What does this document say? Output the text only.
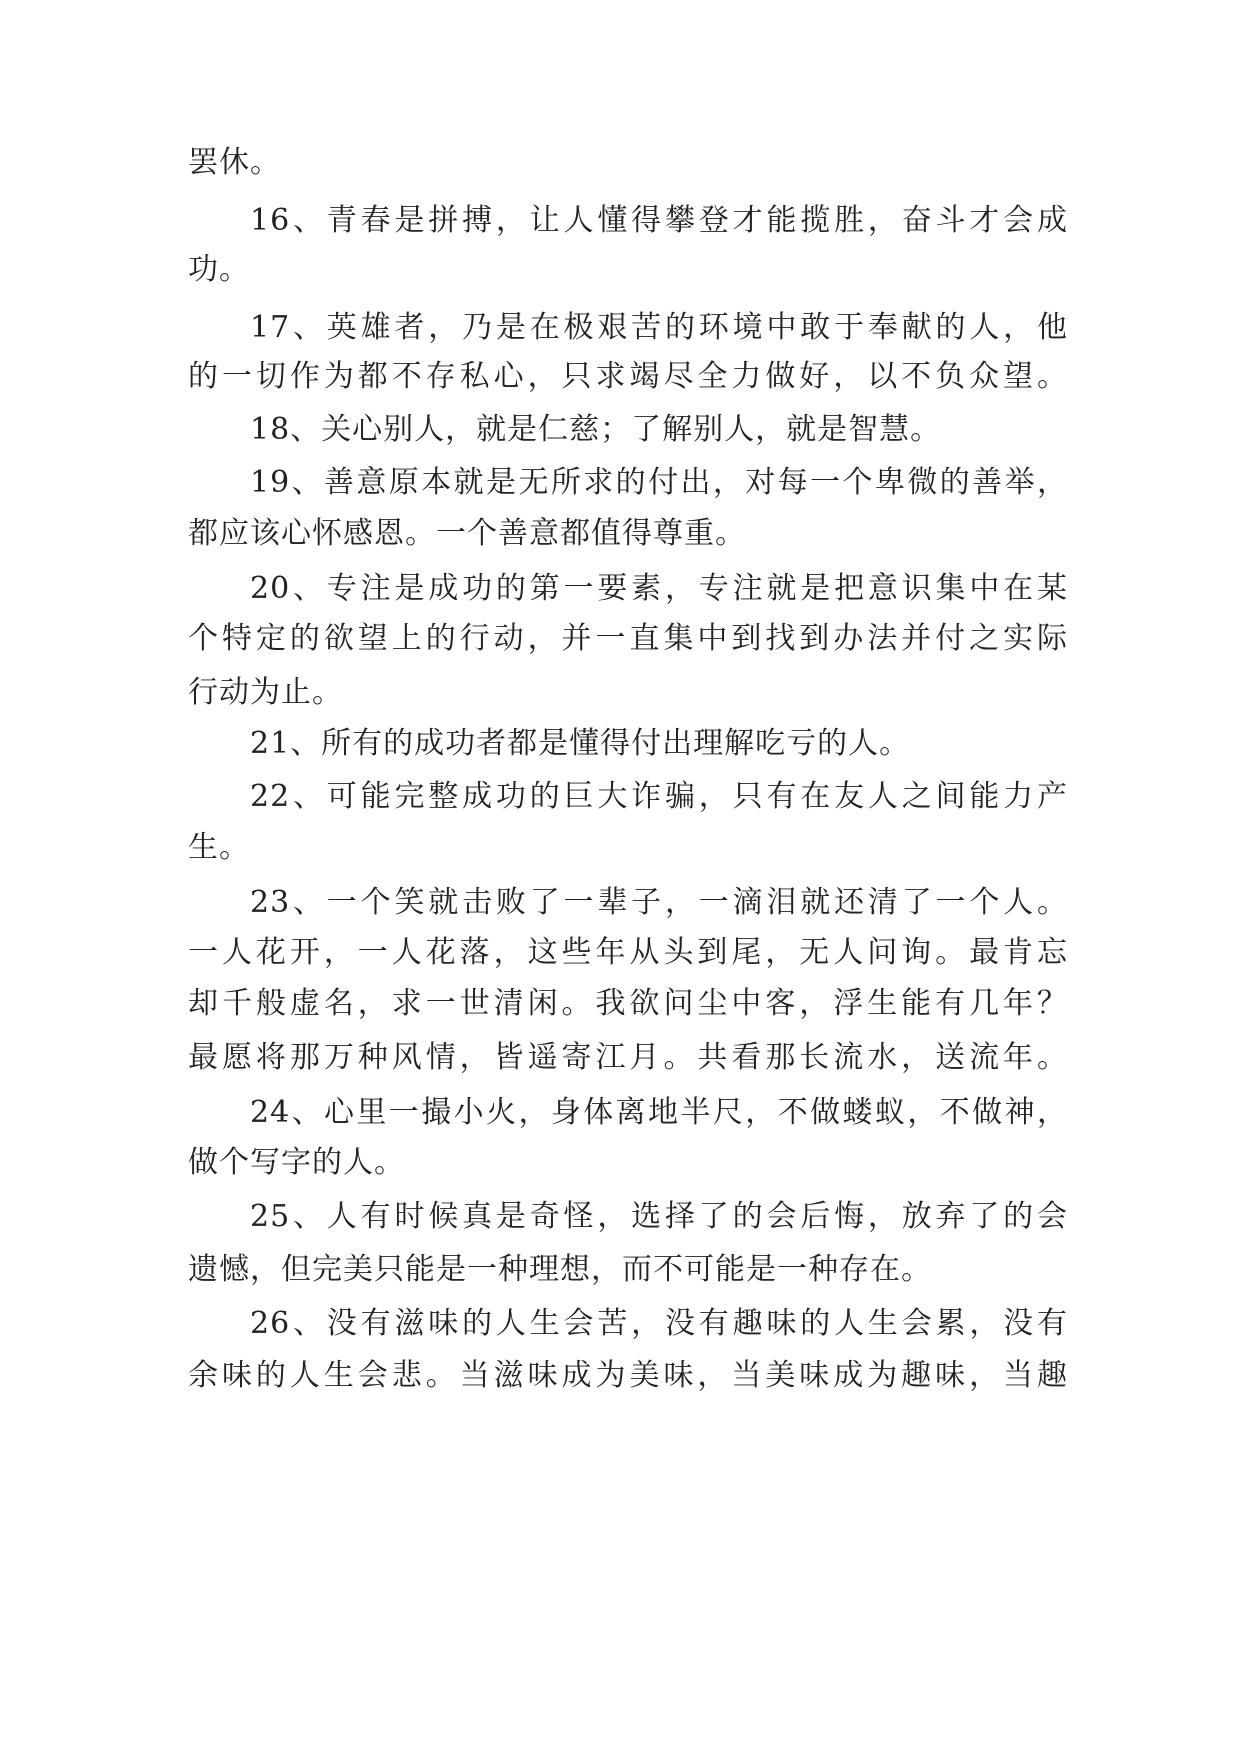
罢休。

16、青春是拼搏，让人懂得攀登才能揽胜，奋斗才会成

功。

17、英雄者，乃是在极艰苦的环境中敢于奉献的人，他

的一切作为都不存私心，只求竭尽全力做好，以不负众望。

18、关心别人，就是仁慈；了解别人，就是智慧。

19、善意原本就是无所求的付出，对每一个卑微的善举，

都应该心怀感恩。一个善意都值得尊重。

20、专注是成功的第一要素，专注就是把意识集中在某

个特定的欲望上的行动，并一直集中到找到办法并付之实际

行动为止。

21、所有的成功者都是懂得付出理解吃亏的人。

22、可能完整成功的巨大诈骗，只有在友人之间能力产

生。

23、一个笑就击败了一辈子，一滴泪就还清了一个人。

一人花开，一人花落，这些年从头到尾，无人问询。最肯忘

却千般虚名，求一世清闲。我欲问尘中客，浮生能有几年？

最愿将那万种风情，皆遥寄江月。共看那长流水，送流年。

24、心里一撮小火，身体离地半尺，不做蝼蚁，不做神，

做个写字的人。

25、人有时候真是奇怪，选择了的会后悔，放弃了的会

遗憾，但完美只能是一种理想，而不可能是一种存在。

26、没有滋味的人生会苦，没有趣味的人生会累，没有

余味的人生会悲。当滋味成为美味，当美味成为趣味，当趣
